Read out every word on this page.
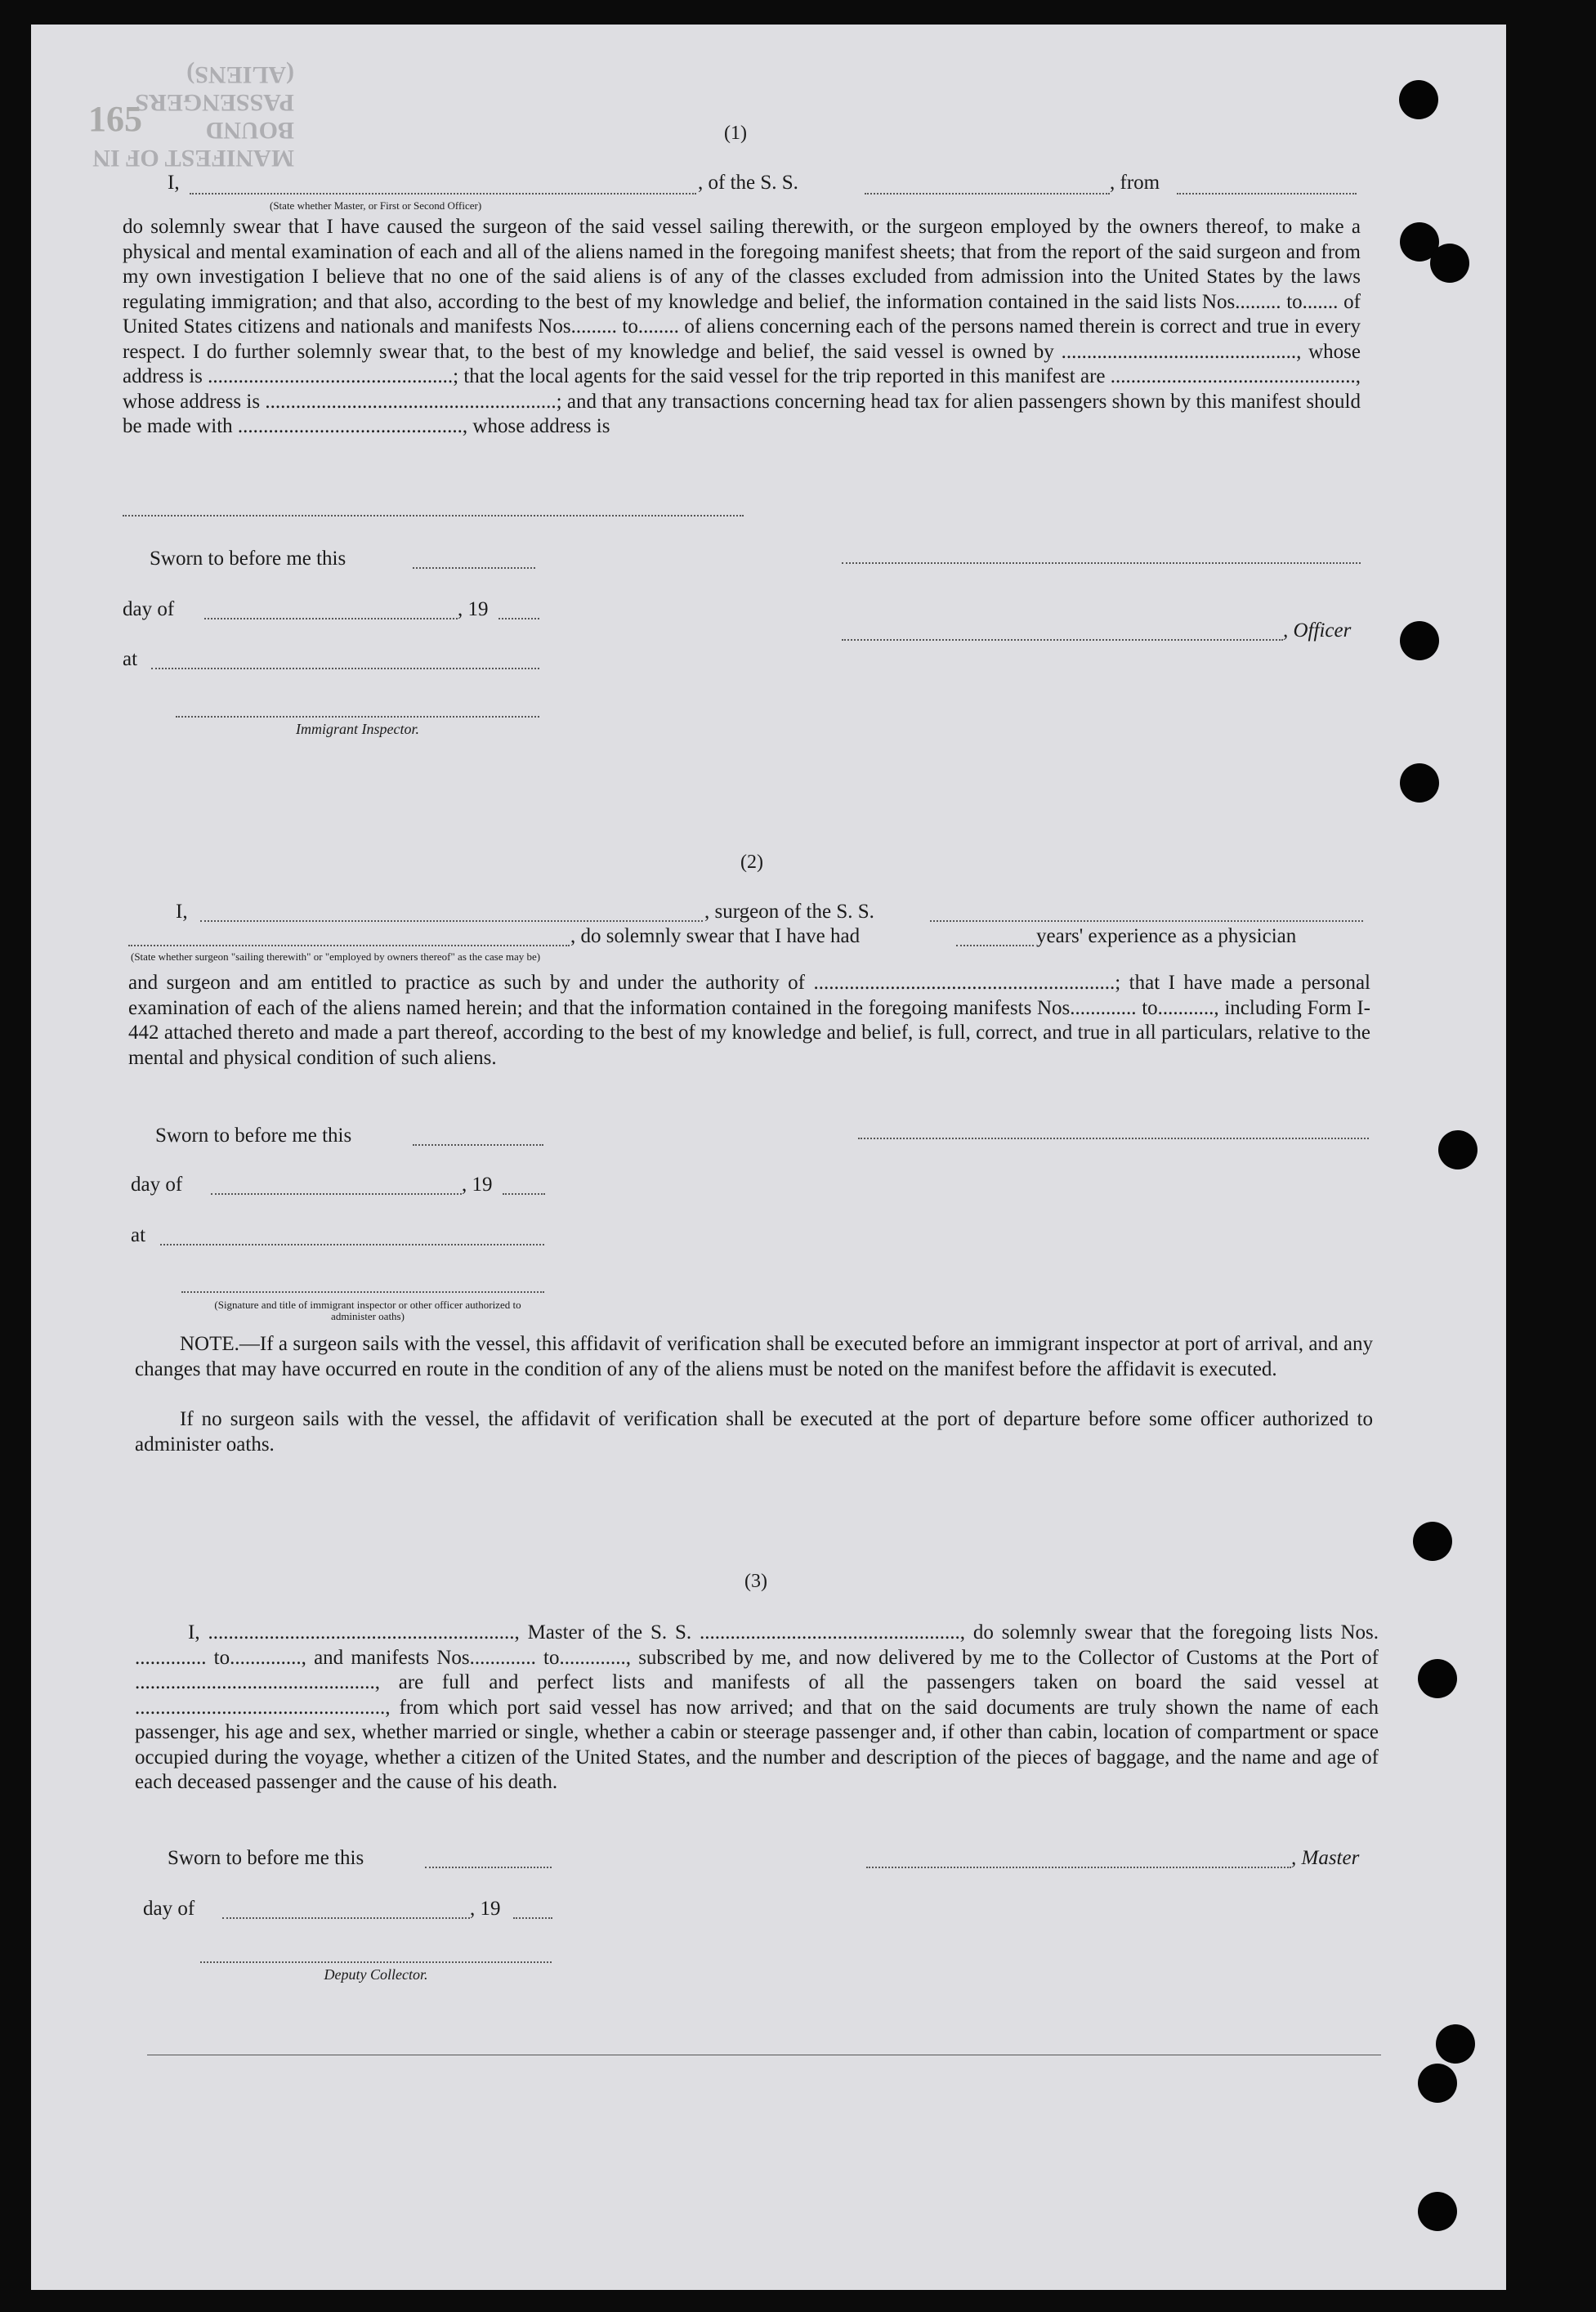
MANIFEST OF IN BOUND PASSENGERS (ALIENS)
165	(1)
I,	, of the S. S.	, from
(State whether Master, or First or Second Officer)
do solemnly swear that I have caused the surgeon of the said vessel sailing therewith, or the surgeon employed by the owners thereof, to make a physical and mental examination of each and all of the aliens named in the foregoing manifest sheets; that from the report of the said surgeon and from my own investigation I believe that no one of the said aliens is of any of the classes excluded from admission into the United States by the laws regulating immigration; and that also, according to the best of my knowledge and belief, the information contained in the said lists Nos......... to....... of United States citizens and nationals and manifests Nos......... to........ of aliens concerning each of the persons named therein is correct and true in every respect. I do further solemnly swear that, to the best of my knowledge and belief, the said vessel is owned by .............................................., whose address is ................................................; that the local agents for the said vessel for the trip reported in this manifest are ................................................, whose address is .........................................................; and that any transactions concerning head tax for alien passengers shown by this manifest should be made with ............................................, whose address is
Sworn to before me this
day of	, 19
at
, Officer
Immigrant Inspector.
(2)
I,	, surgeon of the S. S.
, do solemnly swear that I have had	years' experience as a physician
(State whether surgeon "sailing therewith" or "employed by owners thereof" as the case may be)
and surgeon and am entitled to practice as such by and under the authority of ...........................................................; that I have made a personal examination of each of the aliens named herein; and that the information contained in the foregoing manifests Nos............. to..........., including Form I-442 attached thereto and made a part thereof, according to the best of my knowledge and belief, is full, correct, and true in all particulars, relative to the mental and physical condition of such aliens.
Sworn to before me this
day of	, 19
at
(Signature and title of immigrant inspector or other officer authorized to administer oaths)
NOTE.—If a surgeon sails with the vessel, this affidavit of verification shall be executed before an immigrant inspector at port of arrival, and any changes that may have occurred en route in the condition of any of the aliens must be noted on the manifest before the affidavit is executed.
If no surgeon sails with the vessel, the affidavit of verification shall be executed at the port of departure before some officer authorized to administer oaths.
(3)
I, ............................................................, Master of the S. S. ..................................................., do solemnly swear that the foregoing lists Nos. .............. to.............., and manifests Nos............. to............., subscribed by me, and now delivered by me to the Collector of Customs at the Port of ..............................................., are full and perfect lists and manifests of all the passengers taken on board the said vessel at ................................................., from which port said vessel has now arrived; and that on the said documents are truly shown the name of each passenger, his age and sex, whether married or single, whether a cabin or steerage passenger and, if other than cabin, location of compartment or space occupied during the voyage, whether a citizen of the United States, and the number and description of the pieces of baggage, and the name and age of each deceased passenger and the cause of his death.
Sworn to before me this	, Master
day of	, 19
Deputy Collector.
